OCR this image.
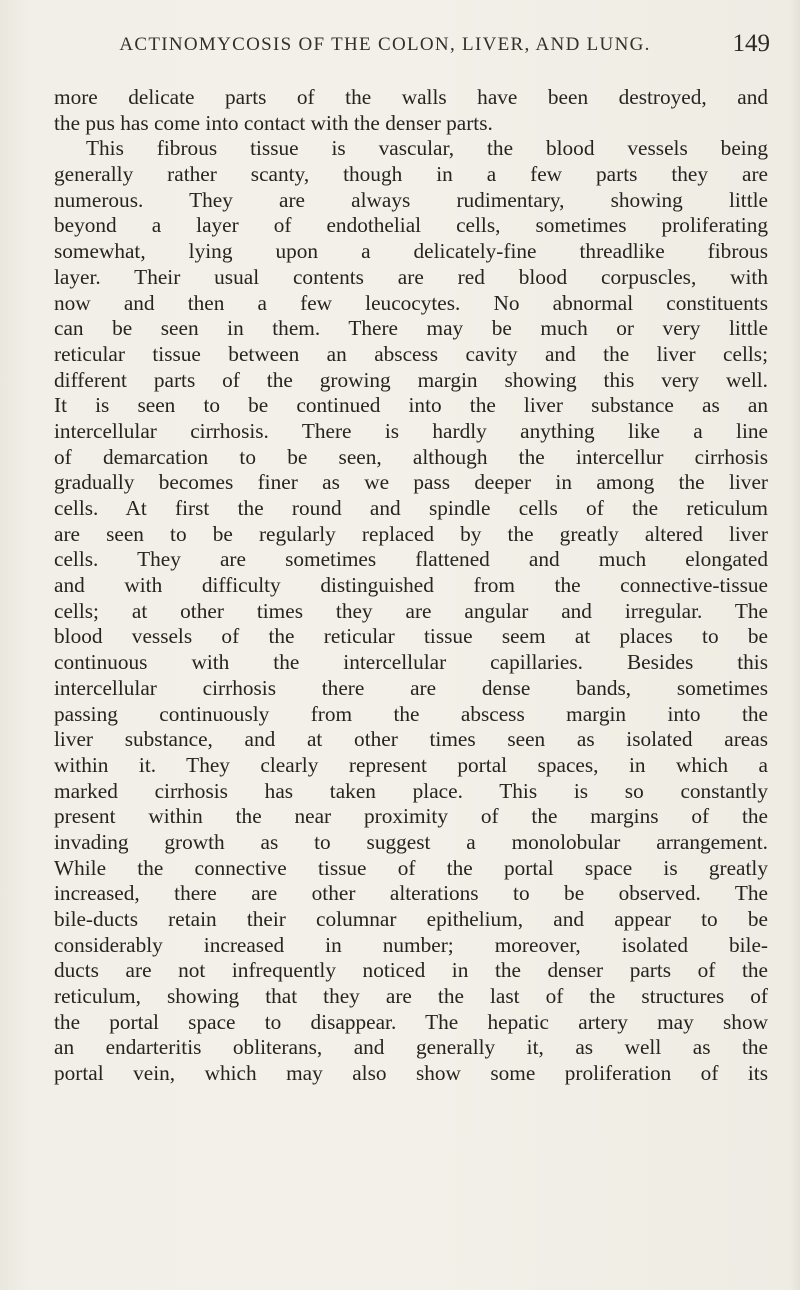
ACTINOMYCOSIS OF THE COLON, LIVER, AND LUNG.	149
more delicate parts of the walls have been destroyed, and
the pus has come into contact with the denser parts.
This fibrous tissue is vascular, the blood vessels being
generally rather scanty, though in a few parts they are
numerous. They are always rudimentary, showing little
beyond a layer of endothelial cells, sometimes proliferating
somewhat, lying upon a delicately-fine threadlike fibrous
layer. Their usual contents are red blood corpuscles, with
now and then a few leucocytes. No abnormal constituents
can be seen in them. There may be much or very little
reticular tissue between an abscess cavity and the liver cells;
different parts of the growing margin showing this very well.
It is seen to be continued into the liver substance as an
intercellular cirrhosis. There is hardly anything like a line
of demarcation to be seen, although the intercellur cirrhosis
gradually becomes finer as we pass deeper in among the liver
cells. At first the round and spindle cells of the reticulum
are seen to be regularly replaced by the greatly altered liver
cells. They are sometimes flattened and much elongated
and with difficulty distinguished from the connective-tissue
cells; at other times they are angular and irregular. The
blood vessels of the reticular tissue seem at places to be
continuous with the intercellular capillaries. Besides this
intercellular cirrhosis there are dense bands, sometimes
passing continuously from the abscess margin into the
liver substance, and at other times seen as isolated areas
within it. They clearly represent portal spaces, in which a
marked cirrhosis has taken place. This is so constantly
present within the near proximity of the margins of the
invading growth as to suggest a monolobular arrangement.
While the connective tissue of the portal space is greatly
increased, there are other alterations to be observed. The
bile-ducts retain their columnar epithelium, and appear to be
considerably increased in number; moreover, isolated bile-
ducts are not infrequently noticed in the denser parts of the
reticulum, showing that they are the last of the structures of
the portal space to disappear. The hepatic artery may show
an endarteritis obliterans, and generally it, as well as the
portal vein, which may also show some proliferation of its
